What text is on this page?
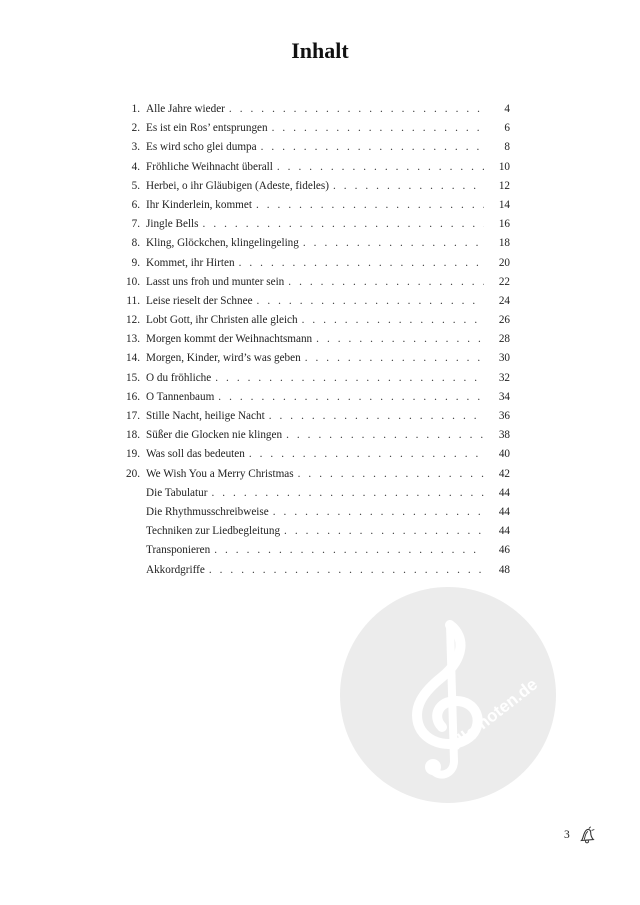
Inhalt
1. Alle Jahre wieder . . .	4
2. Es ist ein Ros’ entsprungen . . .	6
3. Es wird scho glei dumpa . . .	8
4. Fröhliche Weihnacht überall . . .	10
5. Herbei, o ihr Gläubigen (Adeste, fideles) . . .	12
6. Ihr Kinderlein, kommet . . .	14
7. Jingle Bells . . .	16
8. Kling, Glöckchen, klingelingeling . . .	18
9. Kommet, ihr Hirten . . .	20
10. Lasst uns froh und munter sein . . .	22
11. Leise rieselt der Schnee . . .	24
12. Lobt Gott, ihr Christen alle gleich . . .	26
13. Morgen kommt der Weihnachtsmann . . .	28
14. Morgen, Kinder, wird’s was geben . . .	30
15. O du fröhliche . . .	32
16. O Tannenbaum . . .	34
17. Stille Nacht, heilige Nacht . . .	36
18. Süßer die Glocken nie klingen . . .	38
19. Was soll das bedeuten . . .	40
20. We Wish You a Merry Christmas . . .	42
Die Tabulatur . . .	44
Die Rhythmusschreibweise . . .	44
Techniken zur Liedbegleitung . . .	44
Transponieren . . .	46
Akkordgriffe . . .	48
alle-noten.de
3
